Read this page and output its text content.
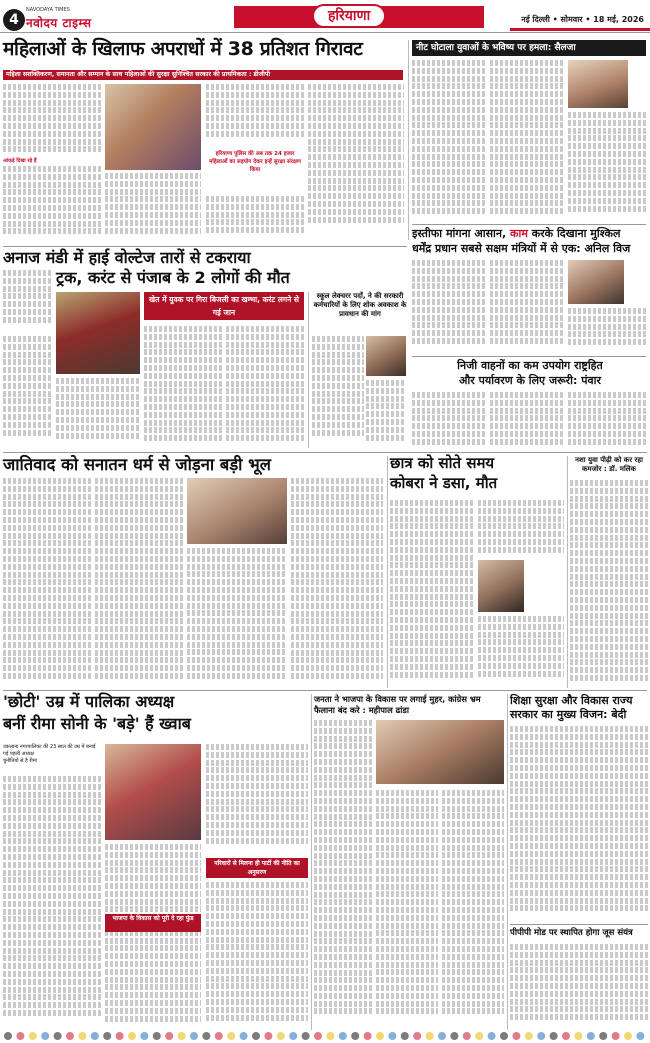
4
NAVODAYA TIMES
नवोदय टाइम्स	हरियाणा	नई दिल्ली • सोमवार • 18 मई, 2026
महिलाओं के खिलाफ अपराधों में 38 प्रतिशत गिरावट
महिला सशक्तिकरण, समानता और सम्मान के साथ महिलाओं की सुरक्षा सुनिश्चित सरकार की प्राथमिकता : डीजीपी
आंकड़े दिखा रहे हैं
हरियाणा पुलिस की अब तक 24 हजार महिलाओं का सहयोग देकर इन्हें सुरक्षा संरक्षण किया
नीट घोटाला युवाओं के भविष्य पर हमला: सैलजा
इस्तीफा मांगना आसान, काम करके दिखाना मुश्किल
धर्मेंद्र प्रधान सबसे सक्षम मंत्रियों में से एक: अनिल विज
अनाज मंडी में हाई वोल्टेज तारों से टकराया
ट्रक, करंट से पंजाब के 2 लोगों की मौत
खेत में युवक पर गिरा बिजली का खम्भा, करंट लगने से गई जान
स्कूल लेक्चरर पदों, ने की सरकारी कर्मचारियों के लिए शोक अवकाश के प्रावधान की मांग
निजी वाहनों का कम उपयोग राष्ट्रहित
और पर्यावरण के लिए जरूरी: पंवार
जातिवाद को सनातन धर्म से जोड़ना बड़ी भूल	छात्र को सोते समय
कोबरा ने डसा, मौत
नशा युवा पीढ़ी को कर रहा कमजोर : डॉ. मलिक
'छोटी' उम्र में पालिका अध्यक्ष
बनीं रीमा सोनी के 'बड़े' हैं ख्वाब
उकलाना नगरपालिका की 23 साल की उम्र में बनाई गई पहली अध्यक्ष
चुनौतियों से है रीमा
परिवारों से मिलना ही पार्टी की नीति का अनुसरण
भाजपा के विकास को पूरी दे रहा फुंड
जनता ने भाजपा के विकास पर लगाई मुहर, कांग्रेस भ्रम फैलाना बंद करे : महीपाल ढांडा
शिक्षा सुरक्षा और विकास राज्य सरकार का मुख्य विजन: बेदी
पीपीपी मोड पर स्थापित होगा जूस संयंत्र
